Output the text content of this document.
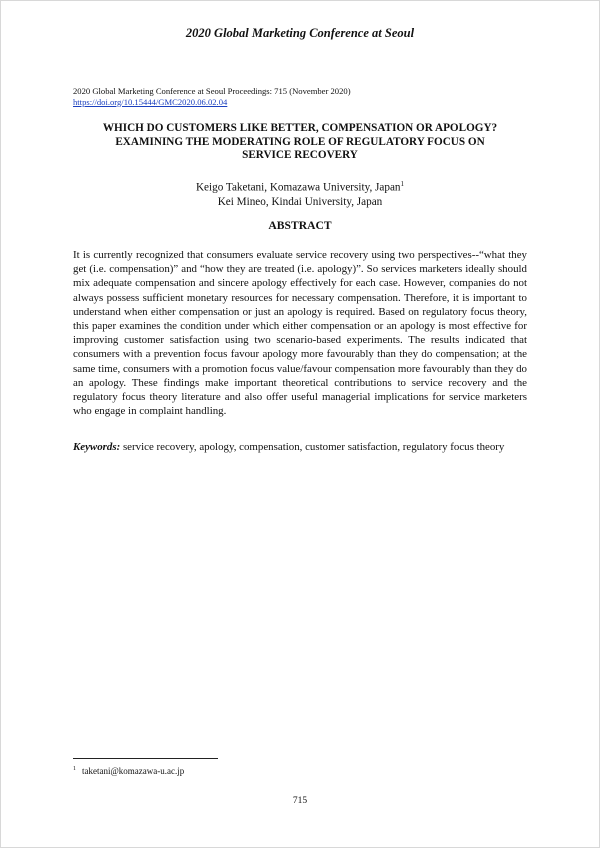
2020 Global Marketing Conference at Seoul
2020 Global Marketing Conference at Seoul Proceedings: 715 (November 2020)
https://doi.org/10.15444/GMC2020.06.02.04
WHICH DO CUSTOMERS LIKE BETTER, COMPENSATION OR APOLOGY?
EXAMINING THE MODERATING ROLE OF REGULATORY FOCUS ON
SERVICE RECOVERY
Keigo Taketani, Komazawa University, Japan$^1$
Kei Mineo, Kindai University, Japan
ABSTRACT

It is currently recognized that consumers evaluate service recovery using two perspectives--“what they get (i.e. compensation)” and “how they are treated (i.e. apology)”. So services marketers ideally should mix adequate compensation and sincere apology effectively for each case. However, companies do not always possess sufficient monetary resources for necessary compensation. Therefore, it is important to understand when either compensation or just an apology is required. Based on regulatory focus theory, this paper examines the condition under which either compensation or an apology is most effective for improving customer satisfaction using two scenario-based experiments. The results indicated that consumers with a prevention focus favour apology more favourably than they do compensation; at the same time, consumers with a promotion focus value/favour compensation more favourably than they do an apology. These findings make important theoretical contributions to service recovery and the regulatory focus theory literature and also offer useful managerial implications for service marketers who engage in complaint handling.

Keywords: service recovery, apology, compensation, customer satisfaction, regulatory focus theory

$^1$ taketani@komazawa-u.ac.jp
715
